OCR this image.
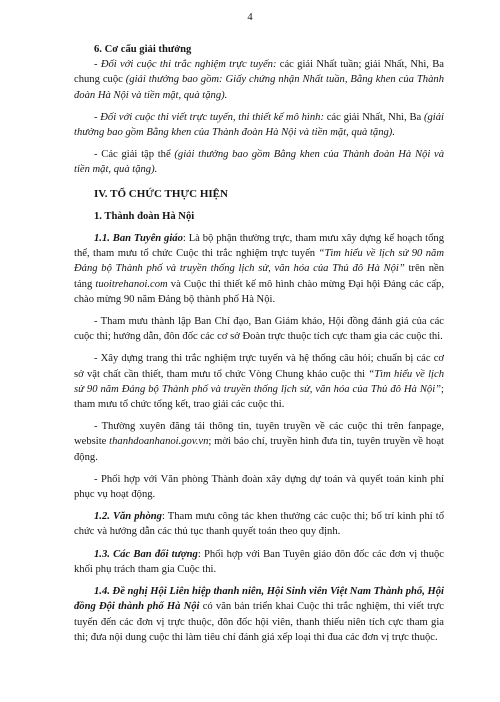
4

6. Cơ cấu giải thưởng

- Đối với cuộc thi trắc nghiệm trực tuyến: các giải Nhất tuần; giải Nhất, Nhì, Ba chung cuộc (giải thưởng bao gồm: Giấy chứng nhận Nhất tuần, Bằng khen của Thành đoàn Hà Nội và tiền mặt, quà tặng).

- Đối với cuộc thi viết trực tuyến, thi thiết kế mô hình: các giải Nhất, Nhì, Ba (giải thưởng bao gồm Bằng khen của Thành đoàn Hà Nội và tiền mặt, quà tặng).

- Các giải tập thể (giải thưởng bao gồm Bằng khen của Thành đoàn Hà Nội và tiền mặt, quà tặng).

IV. TỔ CHỨC THỰC HIỆN

1. Thành đoàn Hà Nội

1.1. Ban Tuyên giáo: Là bộ phận thường trực, tham mưu xây dựng kế hoạch tổng thể, tham mưu tổ chức Cuộc thi trắc nghiệm trực tuyến “Tìm hiểu về lịch sử 90 năm Đảng bộ Thành phố và truyền thống lịch sử, văn hóa của Thủ đô Hà Nội” trên nền tảng tuoitrehanoi.com và Cuộc thi thiết kế mô hình chào mừng Đại hội Đảng các cấp, chào mừng 90 năm Đảng bộ thành phố Hà Nội.

- Tham mưu thành lập Ban Chỉ đạo, Ban Giám khảo, Hội đồng đánh giá của các cuộc thi; hướng dẫn, đôn đốc các cơ sở Đoàn trực thuộc tích cực tham gia các cuộc thi.

- Xây dựng trang thi trắc nghiệm trực tuyến và hệ thống câu hỏi; chuẩn bị các cơ sở vật chất cần thiết, tham mưu tổ chức Vòng Chung khảo cuộc thi “Tìm hiểu về lịch sử 90 năm Đảng bộ Thành phố và truyền thống lịch sử, văn hóa của Thủ đô Hà Nội”; tham mưu tổ chức tổng kết, trao giải các cuộc thi.

- Thường xuyên đăng tải thông tin, tuyên truyền về các cuộc thi trên fanpage, website thanhdoanhanoi.gov.vn; mời báo chí, truyền hình đưa tin, tuyên truyền về hoạt động.

- Phối hợp với Văn phòng Thành đoàn xây dựng dự toán và quyết toán kinh phí phục vụ hoạt động.

1.2. Văn phòng: Tham mưu công tác khen thưởng các cuộc thi; bố trí kinh phí tổ chức và hướng dẫn các thủ tục thanh quyết toán theo quy định.

1.3. Các Ban đối tượng: Phối hợp với Ban Tuyên giáo đôn đốc các đơn vị thuộc khối phụ trách tham gia Cuộc thi.

1.4. Đề nghị Hội Liên hiệp thanh niên, Hội Sinh viên Việt Nam Thành phố, Hội đồng Đội thành phố Hà Nội có văn bản triển khai Cuộc thi trắc nghiệm, thi viết trực tuyến đến các đơn vị trực thuộc, đôn đốc hội viên, thanh thiếu niên tích cực tham gia thi; đưa nội dung cuộc thi làm tiêu chí đánh giá xếp loại thi đua các đơn vị trực thuộc.
